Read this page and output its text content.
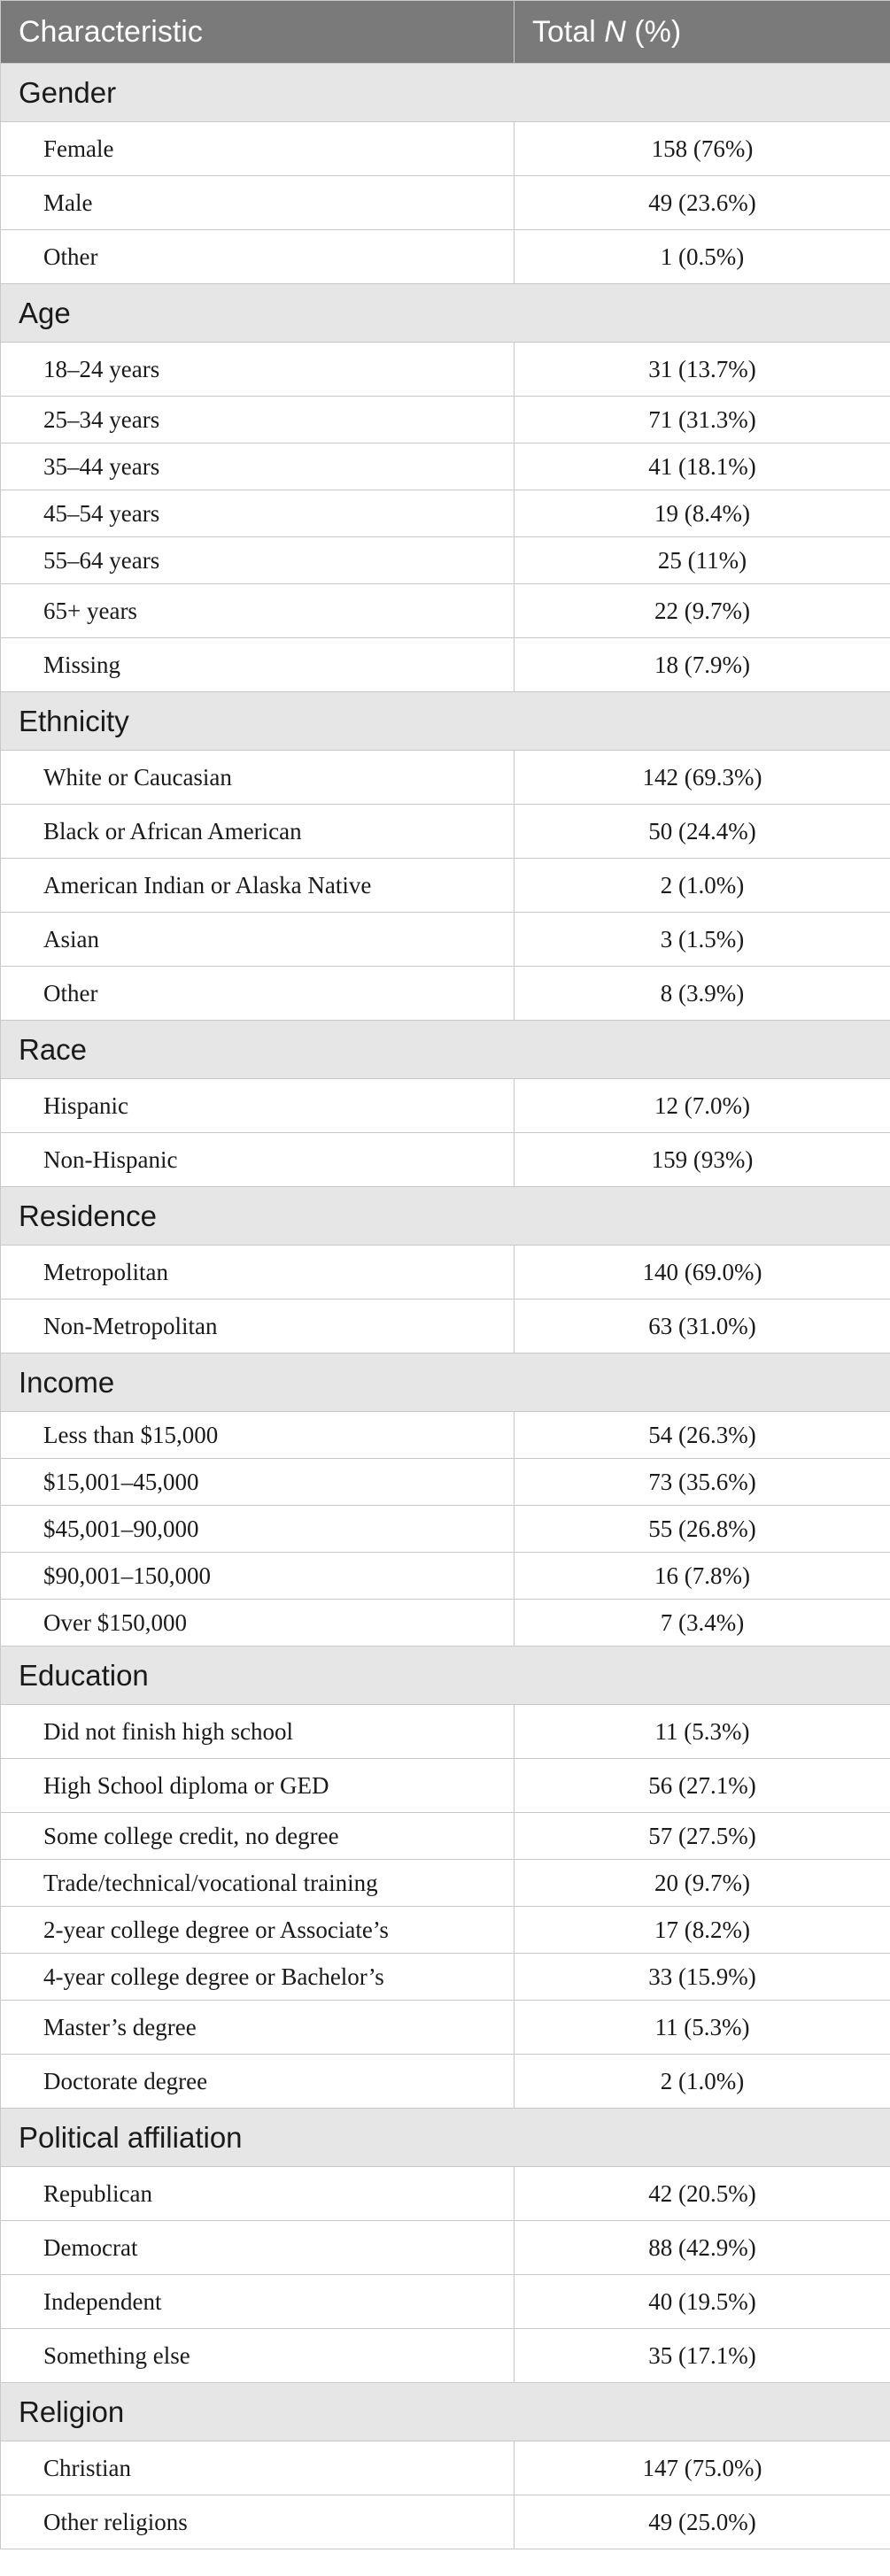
Characteristic	Total N (%)
Gender	
Female	158 (76%)
Male	49 (23.6%)
Other	1 (0.5%)
Age	
18–24 years	31 (13.7%)
25–34 years	71 (31.3%)
35–44 years	41 (18.1%)
45–54 years	19 (8.4%)
55–64 years	25 (11%)
65+ years	22 (9.7%)
Missing	18 (7.9%)
Ethnicity	
White or Caucasian	142 (69.3%)
Black or African American	50 (24.4%)
American Indian or Alaska Native	2 (1.0%)
Asian	3 (1.5%)
Other	8 (3.9%)
Race	
Hispanic	12 (7.0%)
Non-Hispanic	159 (93%)
Residence	
Metropolitan	140 (69.0%)
Non-Metropolitan	63 (31.0%)
Income	
Less than $15,000	54 (26.3%)
$15,001–45,000	73 (35.6%)
$45,001–90,000	55 (26.8%)
$90,001–150,000	16 (7.8%)
Over $150,000	7 (3.4%)
Education	
Did not finish high school	11 (5.3%)
High School diploma or GED	56 (27.1%)
Some college credit, no degree	57 (27.5%)
Trade/technical/vocational training	20 (9.7%)
2-year college degree or Associate’s	17 (8.2%)
4-year college degree or Bachelor’s	33 (15.9%)
Master’s degree	11 (5.3%)
Doctorate degree	2 (1.0%)
Political affiliation	
Republican	42 (20.5%)
Democrat	88 (42.9%)
Independent	40 (19.5%)
Something else	35 (17.1%)
Religion	
Christian	147 (75.0%)
Other religions	49 (25.0%)
